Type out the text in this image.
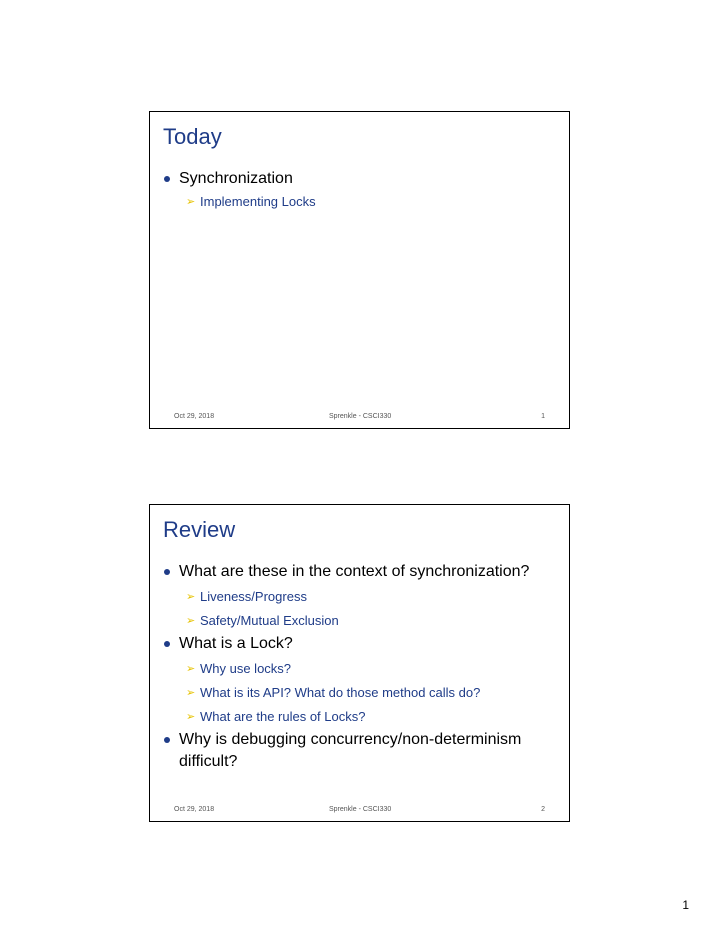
Today
Synchronization
➢ Implementing Locks
Oct 29, 2018	Sprenkle - CSCI330	1
Review
What are these in the context of synchronization?
➢ Liveness/Progress
➢ Safety/Mutual Exclusion
What is a Lock?
➢ Why use locks?
➢ What is its API? What do those method calls do?
➢ What are the rules of Locks?
Why is debugging concurrency/non-determinism difficult?
Oct 29, 2018	Sprenkle - CSCI330	2
1
